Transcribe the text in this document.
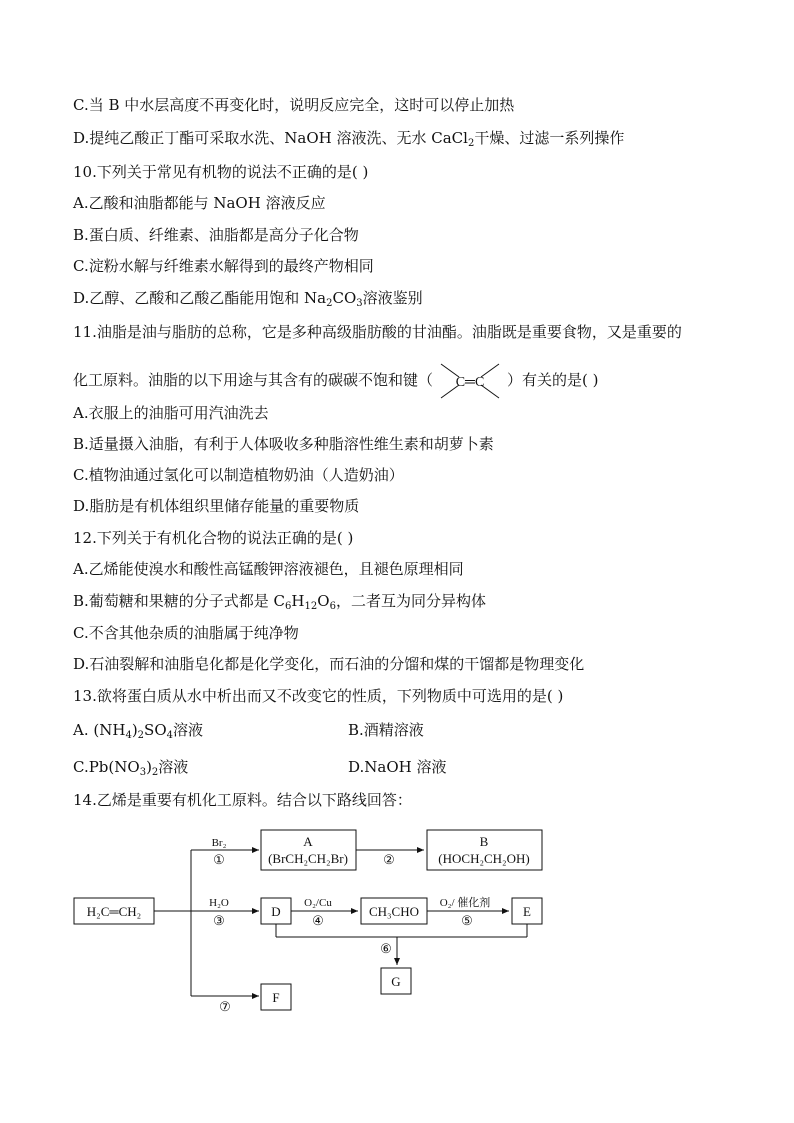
C.当 B 中水层高度不再变化时，说明反应完全，这时可以停止加热
D.提纯乙酸正丁酯可采取水洗、NaOH 溶液洗、无水 CaCl$_2$干燥、过滤一系列操作
10.下列关于常见有机物的说法不正确的是( )
A.乙酸和油脂都能与 NaOH 溶液反应
B.蛋白质、纤维素、油脂都是高分子化合物
C.淀粉水解与纤维素水解得到的最终产物相同
D.乙醇、乙酸和乙酸乙酯能用饱和 $Na_2CO_3$溶液鉴别
11.油脂是油与脂肪的总称，它是多种高级脂肪酸的甘油酯。油脂既是重要食物，又是重要的
化工原料。油脂的以下用途与其含有的碳碳不饱和键（ C═C ）有关的是( )
A.衣服上的油脂可用汽油洗去
B.适量摄入油脂，有利于人体吸收多种脂溶性维生素和胡萝卜素
C.植物油通过氢化可以制造植物奶油（人造奶油）
D.脂肪是有机体组织里储存能量的重要物质
12.下列关于有机化合物的说法正确的是( )
A.乙烯能使溴水和酸性高锰酸钾溶液褪色，且褪色原理相同
B.葡萄糖和果糖的分子式都是 $C_6H_{12}O_6$，二者互为同分异构体
C.不含其他杂质的油脂属于纯净物
D.石油裂解和油脂皂化都是化学变化，而石油的分馏和煤的干馏都是物理变化
13.欲将蛋白质从水中析出而又不改变它的性质，下列物质中可选用的是( )
A. $(NH_4)_2SO_4$溶液	B.酒精溶液
$C.Pb(NO_3)_2$溶液	D.NaOH 溶液
14.乙烯是重要有机化工原料。结合以下路线回答：
H₂C═CH₂
Br₂
①
A
(BrCH₂CH₂Br)	②
B
(HOCH₂CH₂OH)
H₂O
③
D
O₂/Cu
④
CH₃CHO
O₂/ 催化剂
⑤
E
⑥
G
⑦
F
